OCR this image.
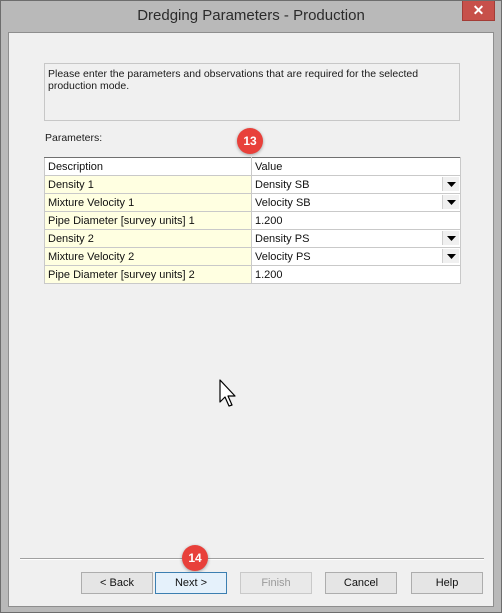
Dredging Parameters - Production	✕
Please enter the parameters and observations that are required for the selected production mode.
Parameters:
Description	Value
Density 1	Density SB

Mixture Velocity 1	Velocity SB

Pipe Diameter [survey units] 1	1.200
Density 2	Density PS

Mixture Velocity 2	Velocity PS

Pipe Diameter [survey units] 2	1.200
13
14
< Back	Next >	Finish	Cancel	Help
